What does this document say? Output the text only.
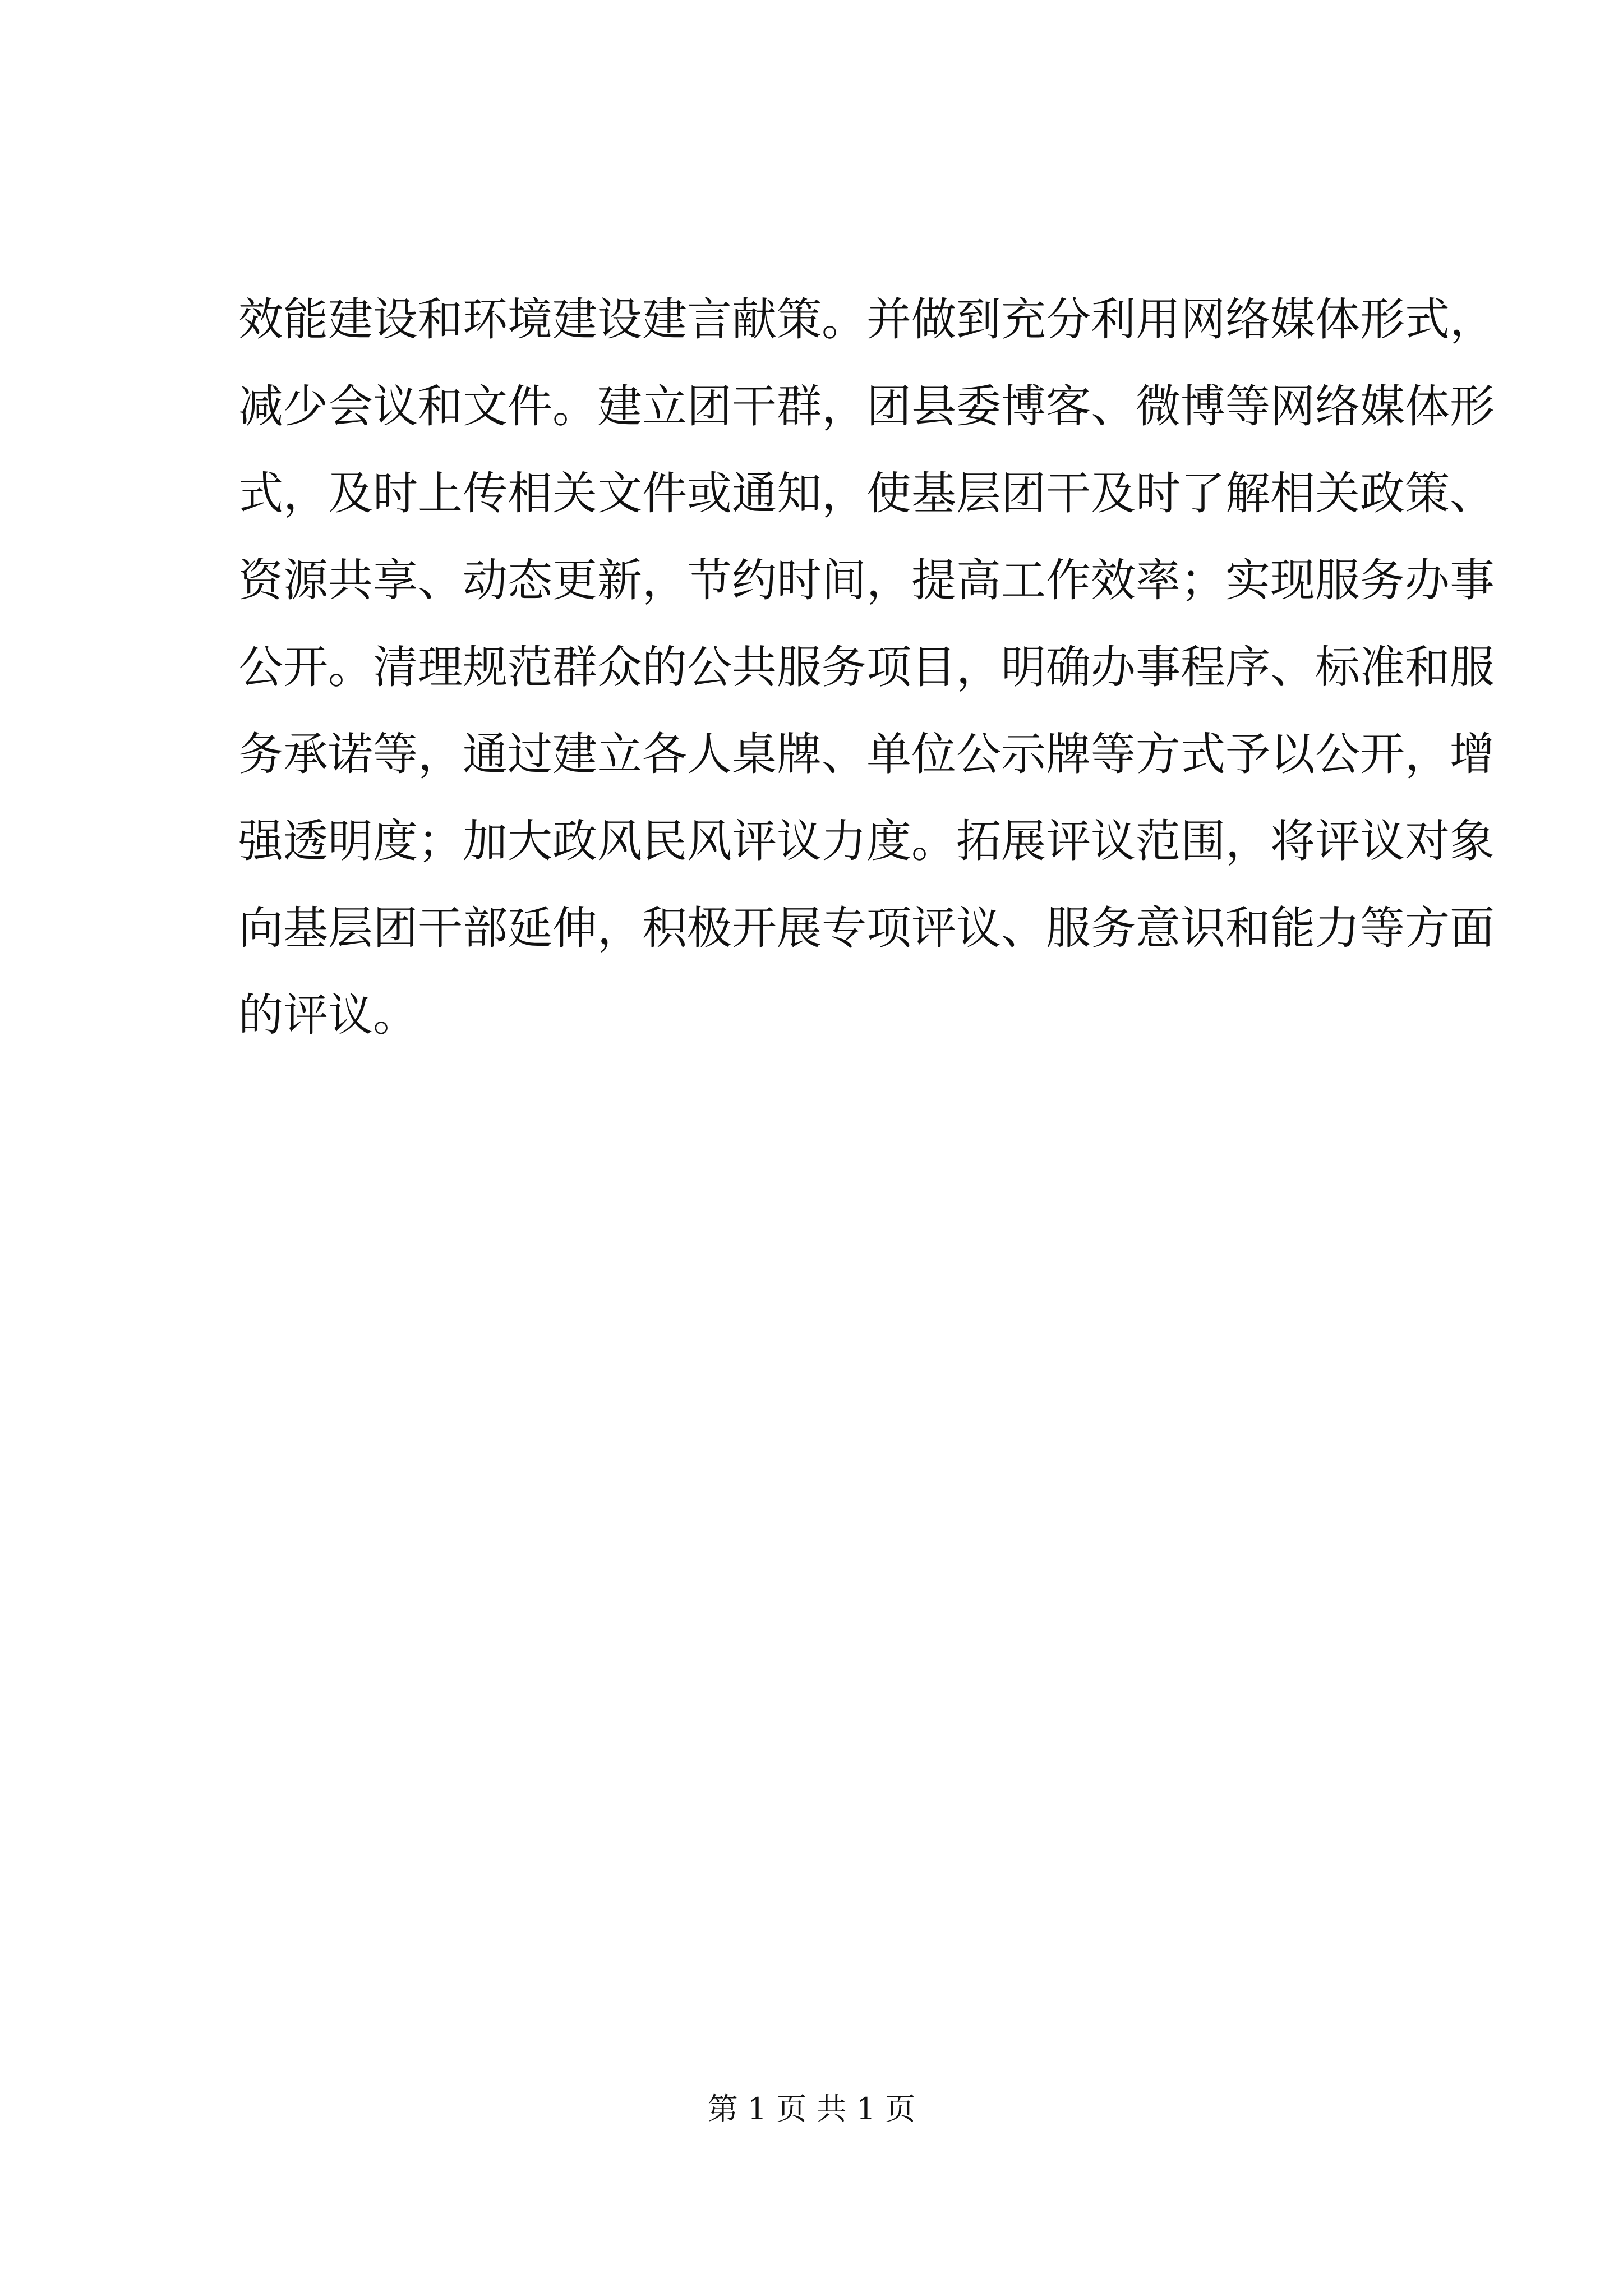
效能建设和环境建设建言献策。并做到充分利用网络媒体形式，
减少会议和文件。建立团干群，团县委博客、微博等网络媒体形
式，及时上传相关文件或通知，使基层团干及时了解相关政策、
资源共享、动态更新，节约时间，提高工作效率；实现服务办事
公开。清理规范群众的公共服务项目，明确办事程序、标准和服
务承诺等，通过建立各人桌牌、单位公示牌等方式予以公开，增
强透明度；加大政风民风评议力度。拓展评议范围，将评议对象
向基层团干部延伸，积极开展专项评议、服务意识和能力等方面
的评议。
第 1 页 共 1 页
